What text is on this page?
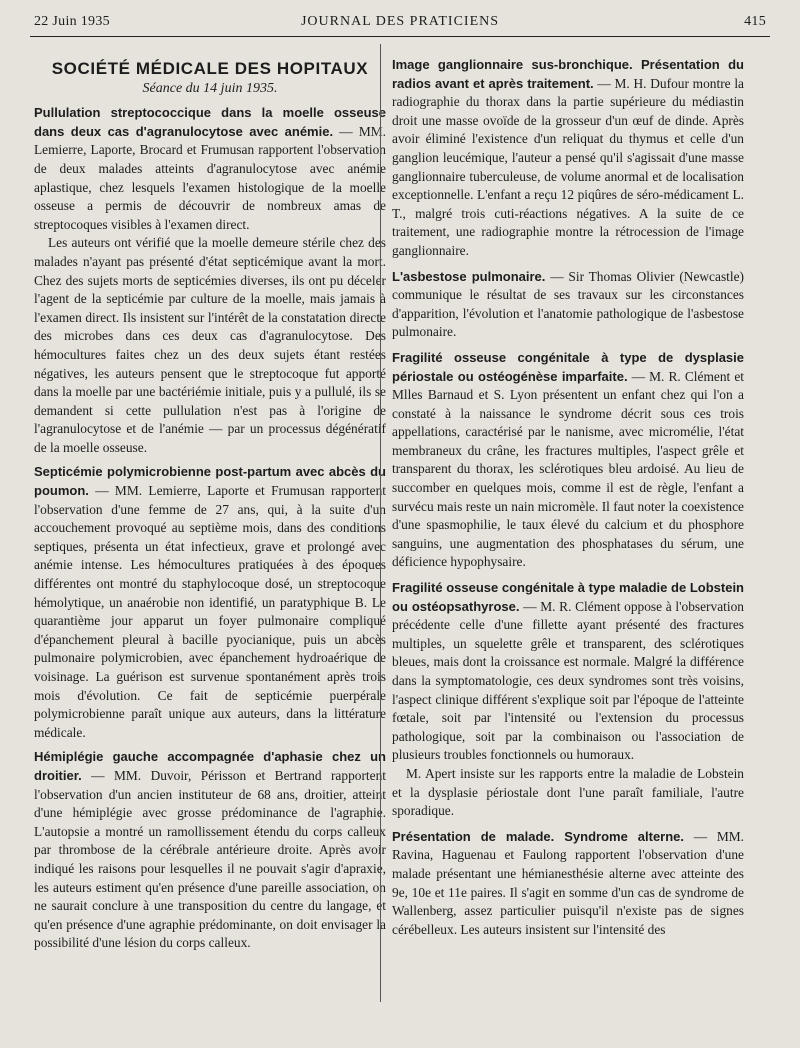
22 Juin 1935	JOURNAL DES PRATICIENS	415
SOCIÉTÉ MÉDICALE DES HOPITAUX
Séance du 14 juin 1935.

Pullulation streptococcique dans la moelle osseuse dans deux cas d'agranulocytose avec anémie. — MM. Lemierre, Laporte, Brocard et Frumusan rapportent l'observation de deux malades atteints d'agranulocytose avec anémie aplastique, chez lesquels l'examen histologique de la moelle osseuse a permis de découvrir de nombreux amas de streptocoques visibles à l'examen direct.

Les auteurs ont vérifié que la moelle demeure stérile chez des malades n'ayant pas présenté d'état septicémique avant la mort. Chez des sujets morts de septicémies diverses, ils ont pu déceler l'agent de la septicémie par culture de la moelle, mais jamais à l'examen direct. Ils insistent sur l'intérêt de la constatation directe des microbes dans ces deux cas d'agranulocytose. Des hémocultures faites chez un des deux sujets étant restées négatives, les auteurs pensent que le streptocoque fut apporté dans la moelle par une bactériémie initiale, puis y a pullulé, ils se demandent si cette pullulation n'est pas à l'origine de l'agranulocytose et de l'anémie — par un processus dégénératif de la moelle osseuse.

Septicémie polymicrobienne post-partum avec abcès du poumon. — MM. Lemierre, Laporte et Frumusan rapportent l'observation d'une femme de 27 ans, qui, à la suite d'un accouchement provoqué au septième mois, dans des conditions septiques, présenta un état infectieux, grave et prolongé avec anémie intense. Les hémocultures pratiquées à des époques différentes ont montré du staphylocoque dosé, un streptocoque hémolytique, un anaérobie non identifié, un paratyphique B. Le quarantième jour apparut un foyer pulmonaire compliqué d'épanchement pleural à bacille pyocianique, puis un abcès pulmonaire polymicrobien, avec épanchement hydroaérique de voisinage. La guérison est survenue spontanément après trois mois d'évolution. Ce fait de septicémie puerpérale polymicrobienne paraît unique aux auteurs, dans la littérature médicale.

Hémiplégie gauche accompagnée d'aphasie chez un droitier. — MM. Duvoir, Périsson et Bertrand rapportent l'observation d'un ancien instituteur de 68 ans, droitier, atteint d'une hémiplégie avec grosse prédominance de l'agraphie. L'autopsie a montré un ramollissement étendu du corps calleux par thrombose de la cérébrale antérieure droite. Après avoir indiqué les raisons pour lesquelles il ne pouvait s'agir d'apraxie, les auteurs estiment qu'en présence d'une pareille association, on ne saurait conclure à une transposition du centre du langage, et qu'en présence d'une agraphie prédominante, on doit envisager la possibilité d'une lésion du corps calleux.

Image ganglionnaire sus-bronchique. Présentation du radios avant et après traitement. — M. H. Dufour montre la radiographie du thorax dans la partie supérieure du médiastin droit une masse ovoïde de la grosseur d'un œuf de dinde. Après avoir éliminé l'existence d'un reliquat du thymus et celle d'un ganglion leucémique, l'auteur a pensé qu'il s'agissait d'une masse ganglionnaire tuberculeuse, de volume anormal et de localisation exceptionnelle. L'enfant a reçu 12 piqûres de séro-médicament L. T., malgré trois cuti-réactions négatives. A la suite de ce traitement, une radiographie montre la rétrocession de l'image ganglionnaire.

L'asbestose pulmonaire. — Sir Thomas Olivier (Newcastle) communique le résultat de ses travaux sur les circonstances d'apparition, l'évolution et l'anatomie pathologique de l'asbestose pulmonaire.

Fragilité osseuse congénitale à type de dysplasie périostale ou ostéogénèse imparfaite. — M. R. Clément et Mlles Barnaud et S. Lyon présentent un enfant chez qui l'on a constaté à la naissance le syndrome décrit sous ces trois appellations, caractérisé par le nanisme, avec micromélie, l'état membraneux du crâne, les fractures multiples, l'aspect grêle et transparent du thorax, les sclérotiques bleu ardoisé. Au lieu de succomber en quelques mois, comme il est de règle, l'enfant a survécu mais reste un nain micromèle. Il faut noter la coexistence d'une spasmophilie, le taux élevé du calcium et du phosphore sanguins, une augmentation des phosphatases du sérum, une déficience hypophysaire.

Fragilité osseuse congénitale à type maladie de Lobstein ou ostéopsathyrose. — M. R. Clément oppose à l'observation précédente celle d'une fillette ayant présenté des fractures multiples, un squelette grêle et transparent, des sclérotiques bleues, mais dont la croissance est normale. Malgré la différence dans la symptomatologie, ces deux syndromes sont très voisins, l'aspect clinique différent s'explique soit par l'époque de l'atteinte fœtale, soit par l'intensité ou l'extension du processus pathologique, soit par la combinaison ou l'association de plusieurs troubles fonctionnels ou humoraux.

M. Apert insiste sur les rapports entre la maladie de Lobstein et la dysplasie périostale dont l'une paraît familiale, l'autre sporadique.

Présentation de malade. Syndrome alterne. — MM. Ravina, Haguenau et Faulong rapportent l'observation d'une malade présentant une hémianesthésie alterne avec atteinte des 9e, 10e et 11e paires. Il s'agit en somme d'un cas de syndrome de Wallenberg, assez particulier puisqu'il n'existe pas de signes cérébelleux. Les auteurs insistent sur l'intensité des
